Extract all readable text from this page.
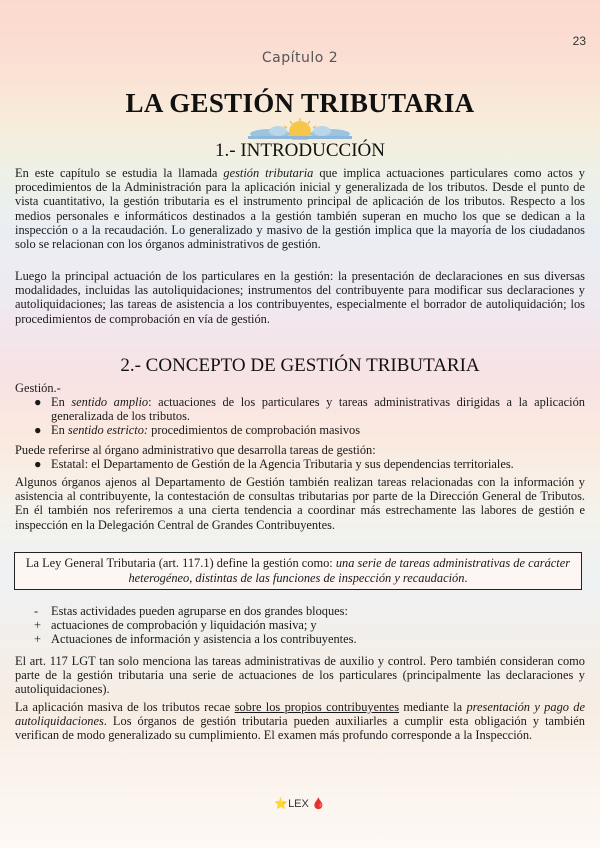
23
Capítulo 2
LA GESTIÓN TRIBUTARIA
1.- INTRODUCCIÓN

En este capítulo se estudia la llamada gestión tributaria que implica actuaciones particulares como actos y procedimientos de la Administración para la aplicación inicial y generalizada de los tributos. Desde el punto de vista cuantitativo, la gestión tributaria es el instrumento principal de aplicación de los tributos. Respecto a los medios personales e informáticos destinados a la gestión también superan en mucho los que se dedican a la inspección o a la recaudación. Lo generalizado y masivo de la gestión implica que la mayoría de los ciudadanos solo se relacionan con los órganos administrativos de gestión.

Luego la principal actuación de los particulares en la gestión: la presentación de declaraciones en sus diversas modalidades, incluidas las autoliquidaciones; instrumentos del contribuyente para modificar sus declaraciones y autoliquidaciones; las tareas de asistencia a los contribuyentes, especialmente el borrador de autoliquidación; los procedimientos de comprobación en vía de gestión.

2.- CONCEPTO DE GESTIÓN TRIBUTARIA

Gestión.-

● En sentido amplio: actuaciones de los particulares y tareas administrativas dirigidas a la aplicación generalizada de los tributos.
● En sentido estricto: procedimientos de comprobación masivos

Puede referirse al órgano administrativo que desarrolla tareas de gestión:

● Estatal: el Departamento de Gestión de la Agencia Tributaria y sus dependencias territoriales.

Algunos órganos ajenos al Departamento de Gestión también realizan tareas relacionadas con la información y asistencia al contribuyente, la contestación de consultas tributarias por parte de la Dirección General de Tributos. En él también nos referiremos a una cierta tendencia a coordinar más estrechamente las labores de gestión e inspección en la Delegación Central de Grandes Contribuyentes.

La Ley General Tributaria (art. 117.1) define la gestión como: una serie de tareas administrativas de carácter heterogéneo, distintas de las funciones de inspección y recaudación.
- Estas actividades pueden agruparse en dos grandes bloques:
+ actuaciones de comprobación y liquidación masiva; y
+ Actuaciones de información y asistencia a los contribuyentes.

El art. 117 LGT tan solo menciona las tareas administrativas de auxilio y control. Pero también consideran como parte de la gestión tributaria una serie de actuaciones de los particulares (principalmente las declaraciones y autoliquidaciones).

La aplicación masiva de los tributos recae sobre los propios contribuyentes mediante la presentación y pago de autoliquidaciones. Los órganos de gestión tributaria pueden auxiliarles a cumplir esta obligación y también verifican de modo generalizado su cumplimiento. El examen más profundo corresponde a la Inspección.

⭐LEX 🩸
